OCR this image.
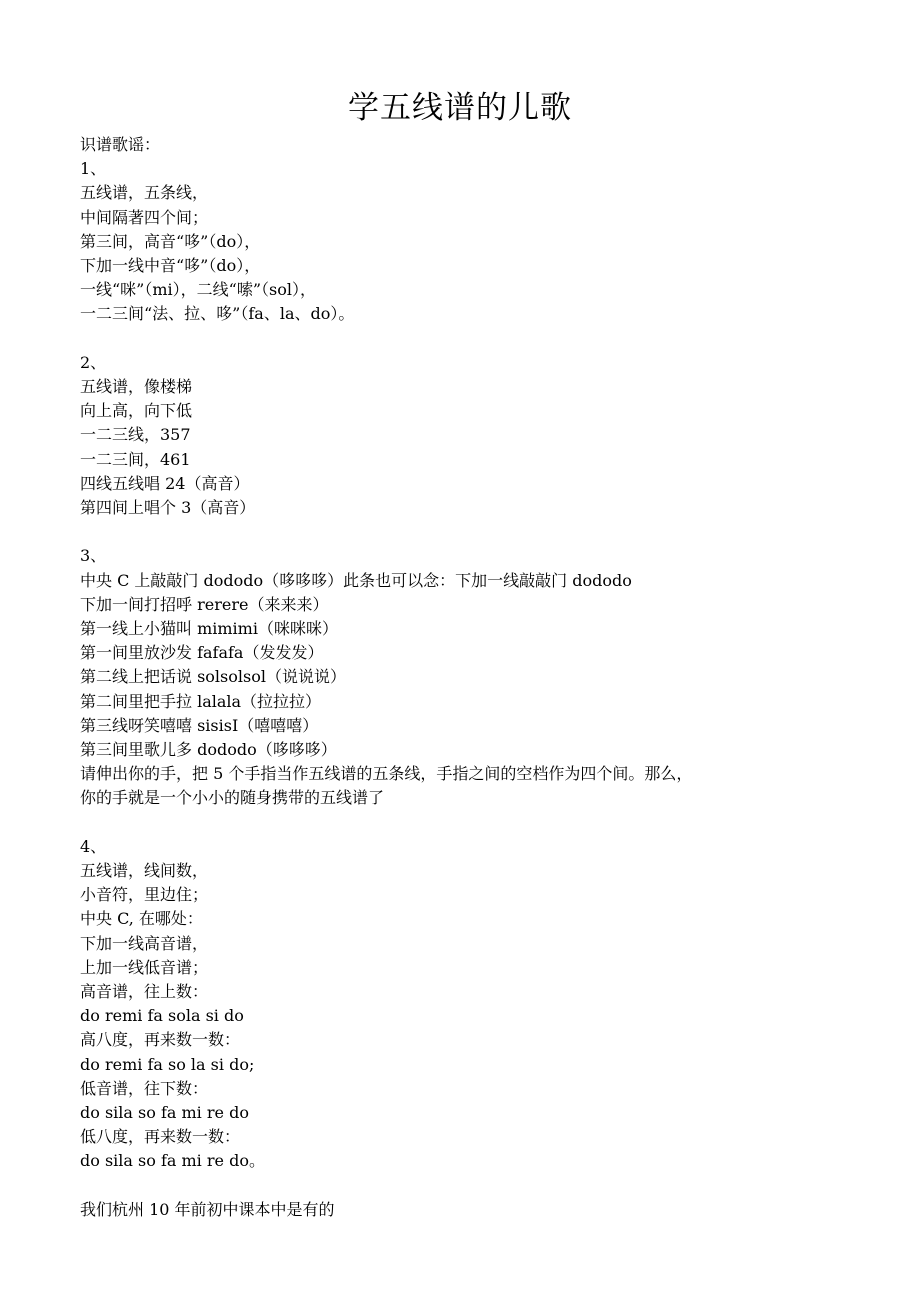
学五线谱的儿歌
识谱歌谣：
1、
五线谱，五条线，
中间隔著四个间；
第三间，高音“哆”（do），
下加一线中音“哆”（do），
一线“咪”（mi），二线“嗦”（sol），
一二三间“法、拉、哆”（fa、la、do）。
2、
五线谱，像楼梯
向上高，向下低
一二三线，357
一二三间，461
四线五线唱 24（高音）
第四间上唱个 3（高音）
3、
中央 C 上敲敲门 dododo（哆哆哆）此条也可以念：下加一线敲敲门 dododo
下加一间打招呼 rerere（来来来）
第一线上小猫叫 mimimi（咪咪咪）
第一间里放沙发 fafafa（发发发）
第二线上把话说 solsolsol（说说说）
第二间里把手拉 lalala（拉拉拉）
第三线呀笑嘻嘻 sisisI（嘻嘻嘻）
第三间里歌儿多 dododo（哆哆哆）
请伸出你的手，把 5 个手指当作五线谱的五条线，手指之间的空档作为四个间。那么，
你的手就是一个小小的随身携带的五线谱了
4、
五线谱，线间数，
小音符，里边住；
中央 C, 在哪处：
下加一线高音谱，
上加一线低音谱；
高音谱，往上数：
do remi fa sola si do
高八度，再来数一数：
do remi fa so la si do;
低音谱，往下数：
do sila so fa mi re do
低八度，再来数一数：
do sila so fa mi re do。
我们杭州 10 年前初中课本中是有的
